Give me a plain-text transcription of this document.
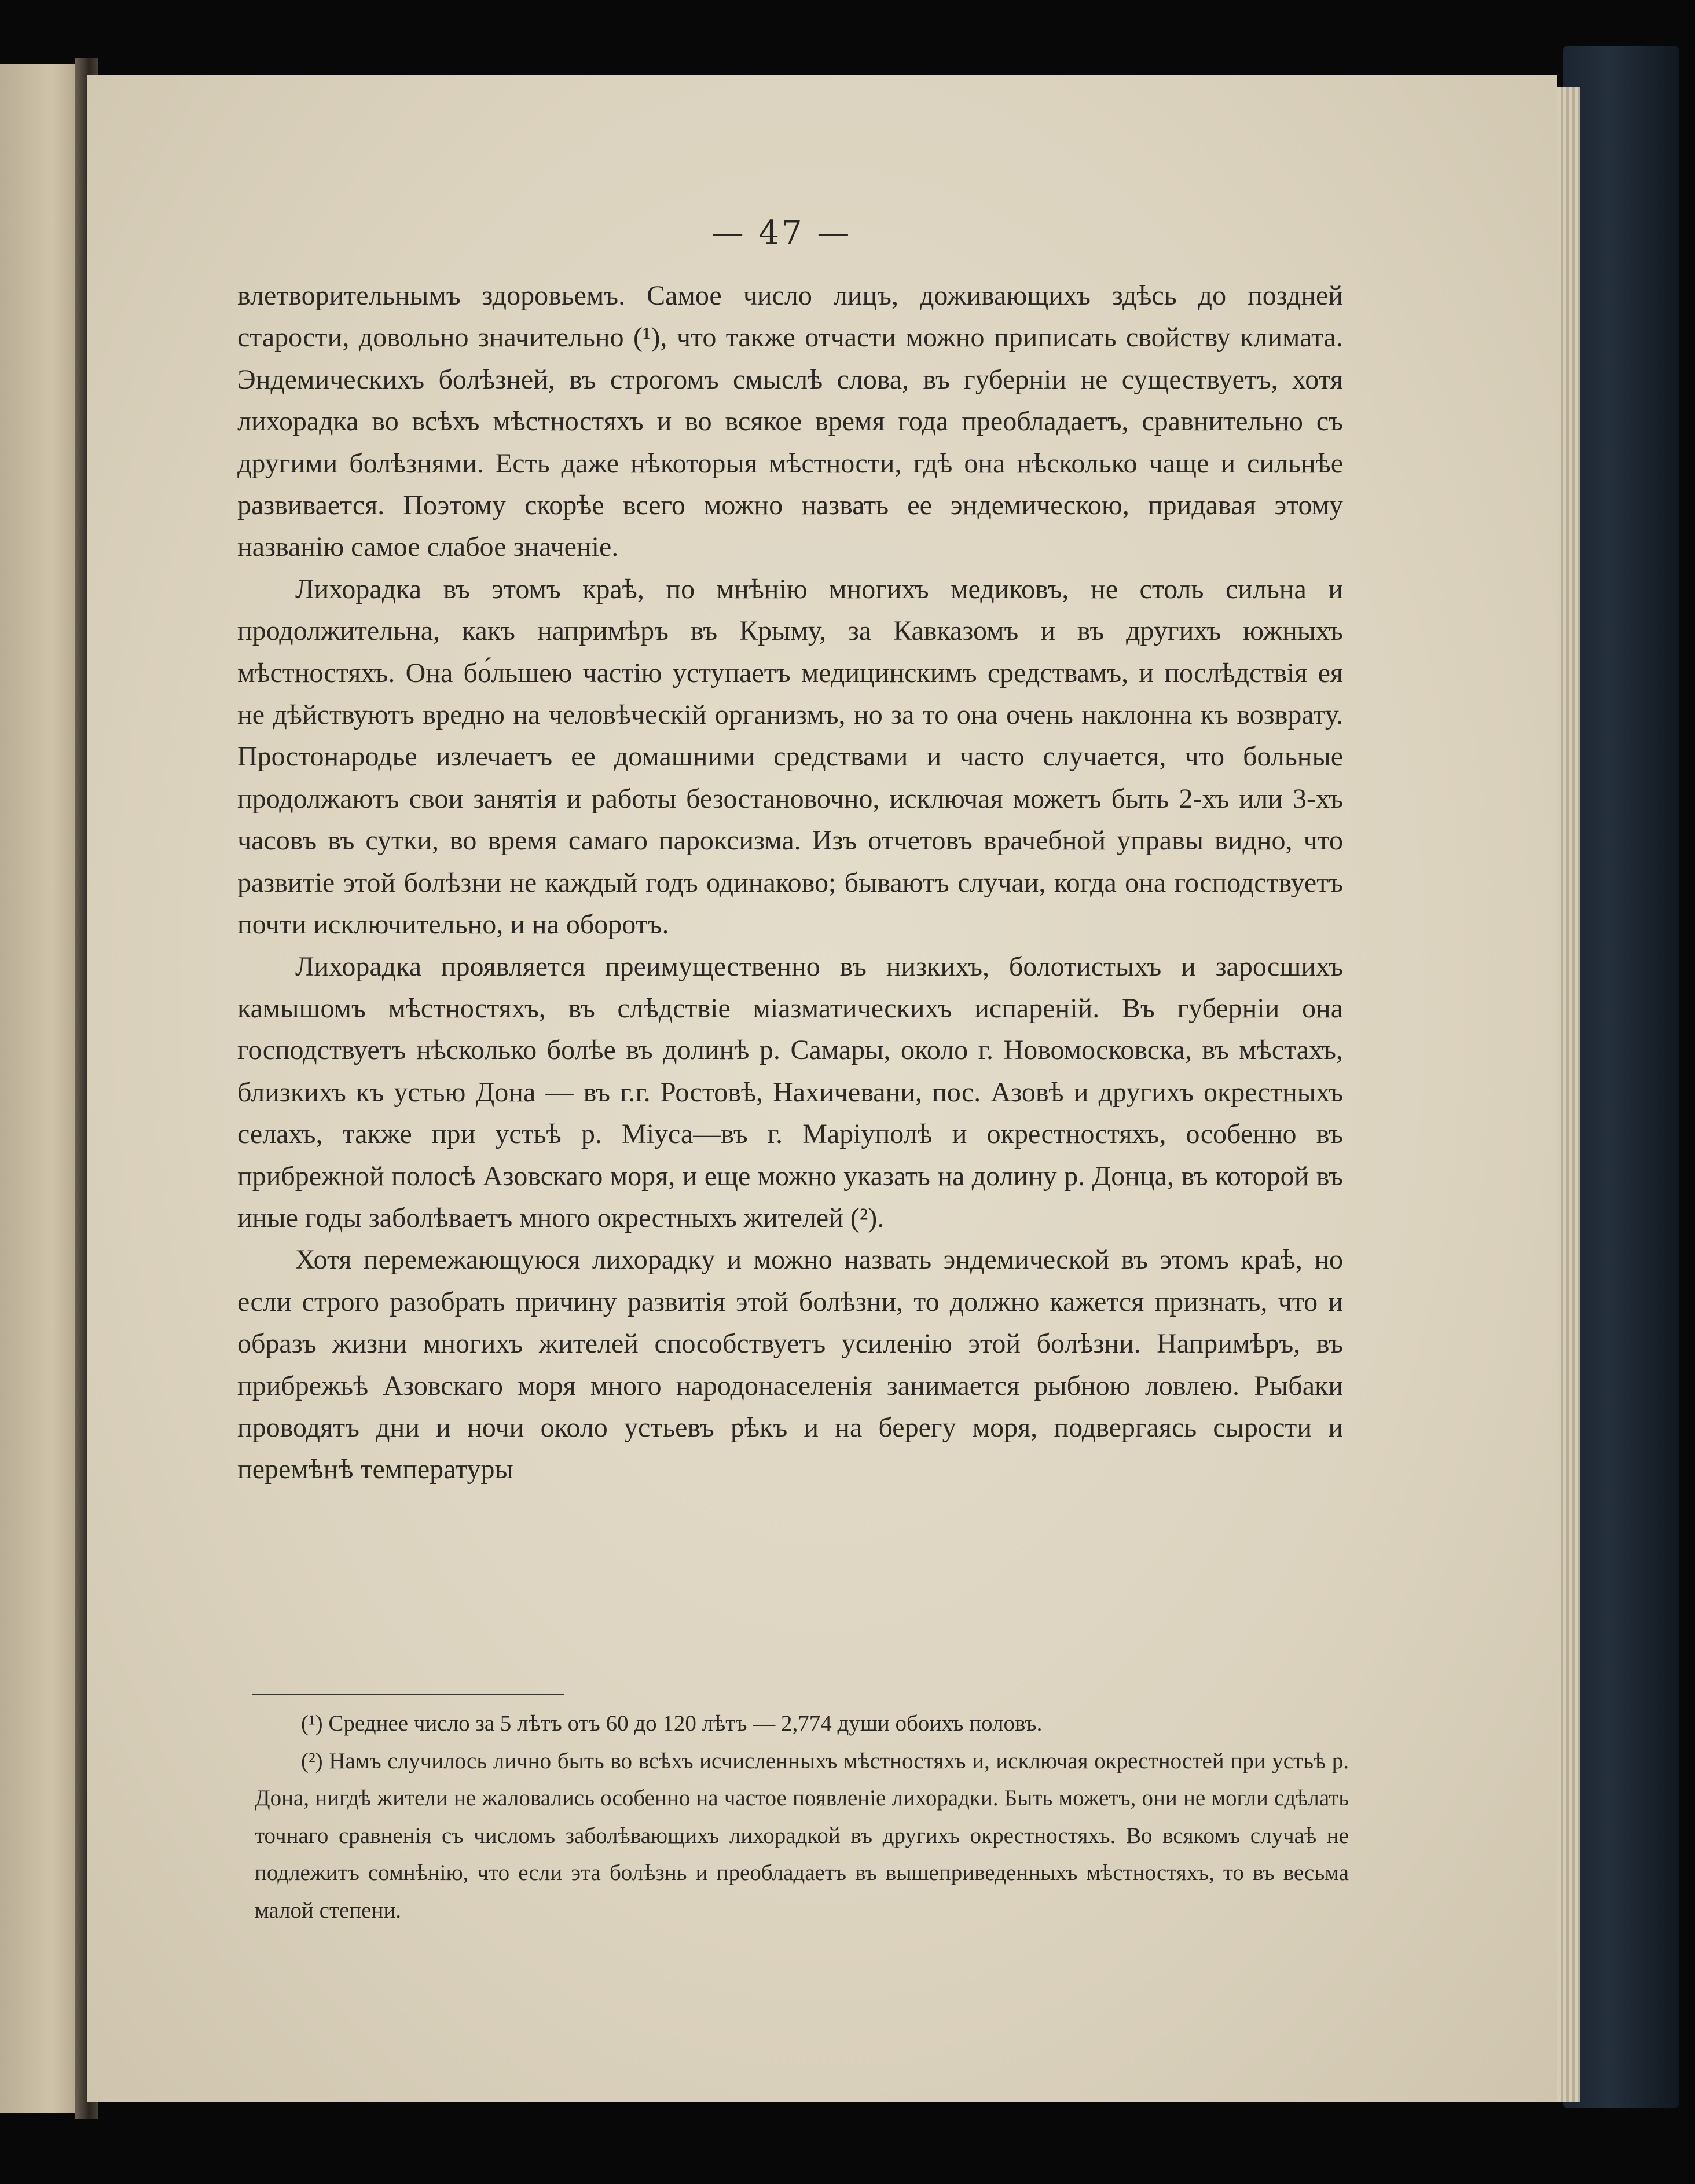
— 47 —

влетворительнымъ здоровьемъ. Самое число лицъ, доживающихъ здѣсь до поздней старости, довольно значительно (¹), что также отчасти можно приписать свойству климата. Эндемическихъ болѣзней, въ строгомъ смыслѣ слова, въ губерніи не существуетъ, хотя лихорадка во всѣхъ мѣстностяхъ и во всякое время года преобладаетъ, сравнительно съ другими болѣзнями. Есть даже нѣкоторыя мѣстности, гдѣ она нѣсколько чаще и сильнѣе развивается. Поэтому скорѣе всего можно назвать ее эндемическою, придавая этому названію самое слабое значеніе.

Лихорадка въ этомъ краѣ, по мнѣнію многихъ медиковъ, не столь сильна и продолжительна, какъ напримѣръ въ Крыму, за Кавказомъ и въ другихъ южныхъ мѣстностяхъ. Она бо́льшею частію уступаетъ медицинскимъ средствамъ, и послѣдствія ея не дѣйствуютъ вредно на человѣческій организмъ, но за то она очень наклонна къ возврату. Простонародье излечаетъ ее домашними средствами и часто случается, что больные продолжаютъ свои занятія и работы безостановочно, исключая можетъ быть 2-хъ или 3-хъ часовъ въ сутки, во время самаго пароксизма. Изъ отчетовъ врачебной управы видно, что развитіе этой болѣзни не каждый годъ одинаково; бываютъ случаи, когда она господствуетъ почти исключительно, и на оборотъ.

Лихорадка проявляется преимущественно въ низкихъ, болотистыхъ и заросшихъ камышомъ мѣстностяхъ, въ слѣдствіе міазматическихъ испареній. Въ губерніи она господствуетъ нѣсколько болѣе въ долинѣ р. Самары, около г. Новомосковска, въ мѣстахъ, близкихъ къ устью Дона — въ г.г. Ростовѣ, Нахичевани, пос. Азовѣ и другихъ окрестныхъ селахъ, также при устьѣ р. Міуса—въ г. Маріуполѣ и окрестностяхъ, особенно въ прибрежной полосѣ Азовскаго моря, и еще можно указать на долину р. Донца, въ которой въ иные годы заболѣваетъ много окрестныхъ жителей (²).

Хотя перемежающуюся лихорадку и можно назвать эндемической въ этомъ краѣ, но если строго разобрать причину развитія этой болѣзни, то должно кажется признать, что и образъ жизни многихъ жителей способствуетъ усиленію этой болѣзни. Напримѣръ, въ прибрежьѣ Азовскаго моря много народонаселенія занимается рыбною ловлею. Рыбаки проводятъ дни и ночи около устьевъ рѣкъ и на берегу моря, подвергаясь сырости и перемѣнѣ температуры

(¹) Среднее число за 5 лѣтъ отъ 60 до 120 лѣтъ — 2,774 души обоихъ половъ.

(²) Намъ случилось лично быть во всѣхъ исчисленныхъ мѣстностяхъ и, исключая окрестностей при устьѣ р. Дона, нигдѣ жители не жаловались особенно на частое появленіе лихорадки. Быть можетъ, они не могли сдѣлать точнаго сравненія съ числомъ заболѣвающихъ лихорадкой въ другихъ окрестностяхъ. Во всякомъ случаѣ не подлежитъ сомнѣнію, что если эта болѣзнь и преобладаетъ въ вышеприведенныхъ мѣстностяхъ, то въ весьма малой степени.
